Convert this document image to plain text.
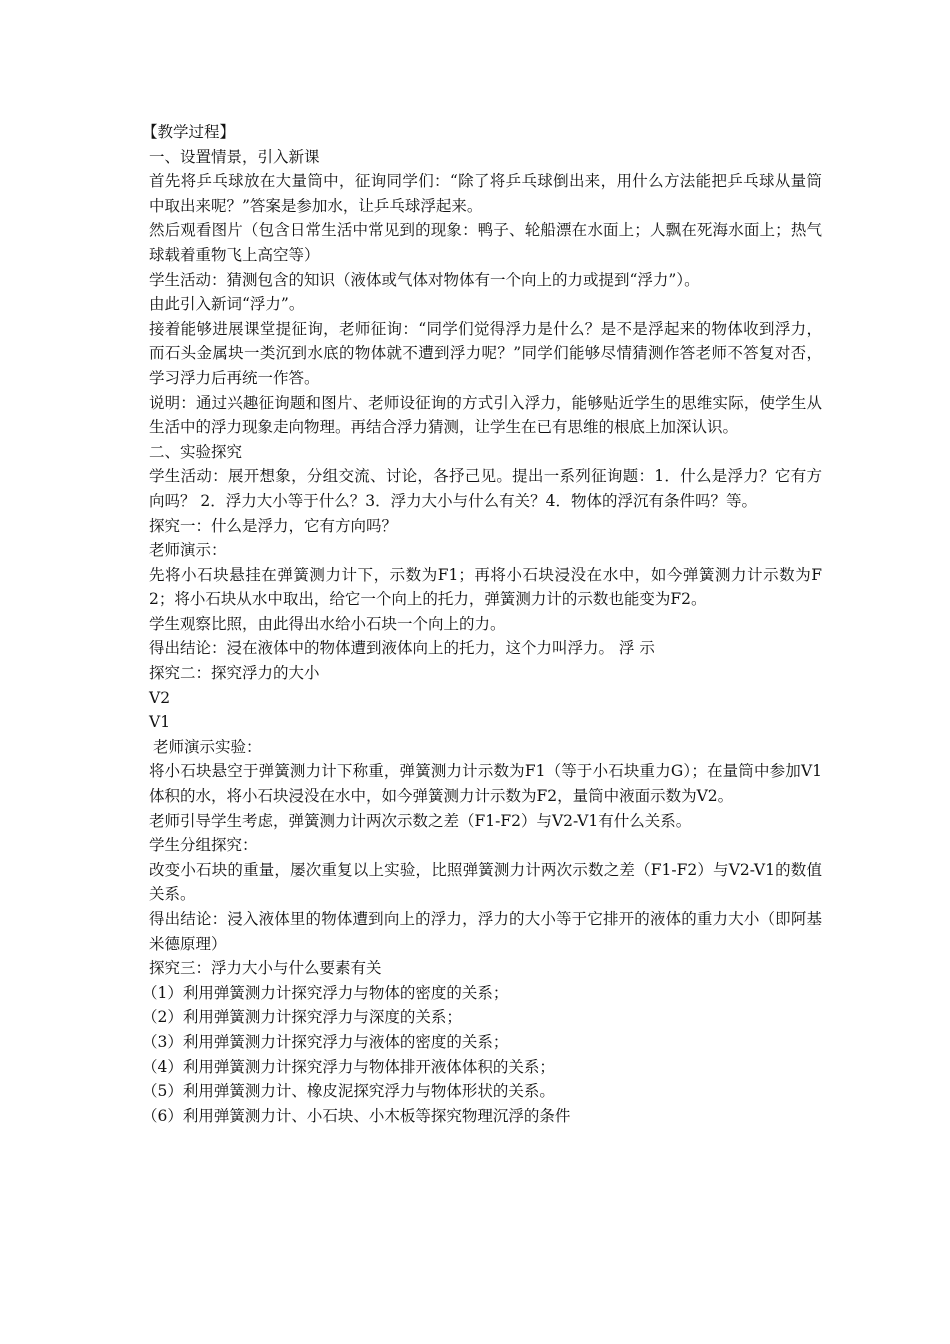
【教学过程】

一、设置情景，引入新课

首先将乒乓球放在大量筒中，征询同学们：“除了将乒乓球倒出来，用什么方法能把乒乓球从量筒中取出来呢？”答案是参加水，让乒乓球浮起来。

然后观看图片（包含日常生活中常见到的现象：鸭子、轮船漂在水面上；人飘在死海水面上；热气球载着重物飞上高空等）

学生活动：猜测包含的知识（液体或气体对物体有一个向上的力或提到“浮力”）。

由此引入新词“浮力”。

接着能够进展课堂提征询，老师征询：“同学们觉得浮力是什么？是不是浮起来的物体收到浮力，而石头金属块一类沉到水底的物体就不遭到浮力呢？”同学们能够尽情猜测作答老师不答复对否，学习浮力后再统一作答。

说明：通过兴趣征询题和图片、老师设征询的方式引入浮力，能够贴近学生的思维实际，使学生从生活中的浮力现象走向物理。再结合浮力猜测，让学生在已有思维的根底上加深认识。

二、实验探究

学生活动：展开想象，分组交流、讨论，各抒己见。提出一系列征询题：1．什么是浮力？它有方向吗？ 2．浮力大小等于什么？3．浮力大小与什么有关？4．物体的浮沉有条件吗？等。

探究一：什么是浮力，它有方向吗？

老师演示：

先将小石块悬挂在弹簧测力计下，示数为F1；再将小石块浸没在水中，如今弹簧测力计示数为F2；将小石块从水中取出，给它一个向上的托力，弹簧测力计的示数也能变为F2。

学生观察比照，由此得出水给小石块一个向上的力。

得出结论：浸在液体中的物体遭到液体向上的托力，这个力叫浮力。 浮 示

探究二：探究浮力的大小

V2

V1

老师演示实验：

将小石块悬空于弹簧测力计下称重，弹簧测力计示数为F1（等于小石块重力G）；在量筒中参加V1体积的水，将小石块浸没在水中，如今弹簧测力计示数为F2，量筒中液面示数为V2。

老师引导学生考虑，弹簧测力计两次示数之差（F1-F2）与V2-V1有什么关系。

学生分组探究：

改变小石块的重量，屡次重复以上实验，比照弹簧测力计两次示数之差（F1-F2）与V2-V1的数值关系。

得出结论：浸入液体里的物体遭到向上的浮力，浮力的大小等于它排开的液体的重力大小（即阿基米德原理）

探究三：浮力大小与什么要素有关

（1）利用弹簧测力计探究浮力与物体的密度的关系；

（2）利用弹簧测力计探究浮力与深度的关系；

（3）利用弹簧测力计探究浮力与液体的密度的关系；

（4）利用弹簧测力计探究浮力与物体排开液体体积的关系；

（5）利用弹簧测力计、橡皮泥探究浮力与物体形状的关系。

（6）利用弹簧测力计、小石块、小木板等探究物理沉浮的条件
